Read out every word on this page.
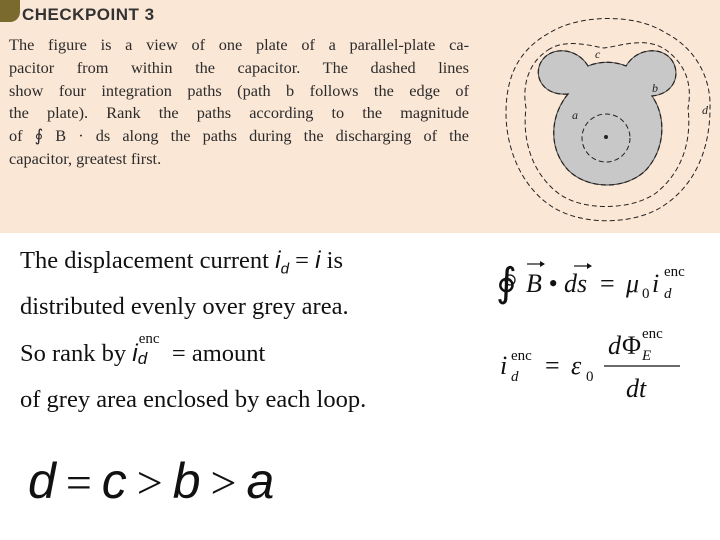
CHECKPOINT 3
The figure is a view of one plate of a parallel-plate ca-
pacitor from within the capacitor. The dashed lines
show four integration paths (path b follows the edge of
the plate). Rank the paths according to the magnitude
of ∮ B · ds along the paths during the discharging of the
capacitor, greatest first.
a
b
c
d
The displacement current $i_d = i$ is
distributed evenly over grey area.
So rank by i
enc
d = amount
of grey area enclosed by each loop.
∮ B • ds = μ 0 i enc
d
i enc
d = ε 0
d Φ enc
E
dt
d = c > b > a
